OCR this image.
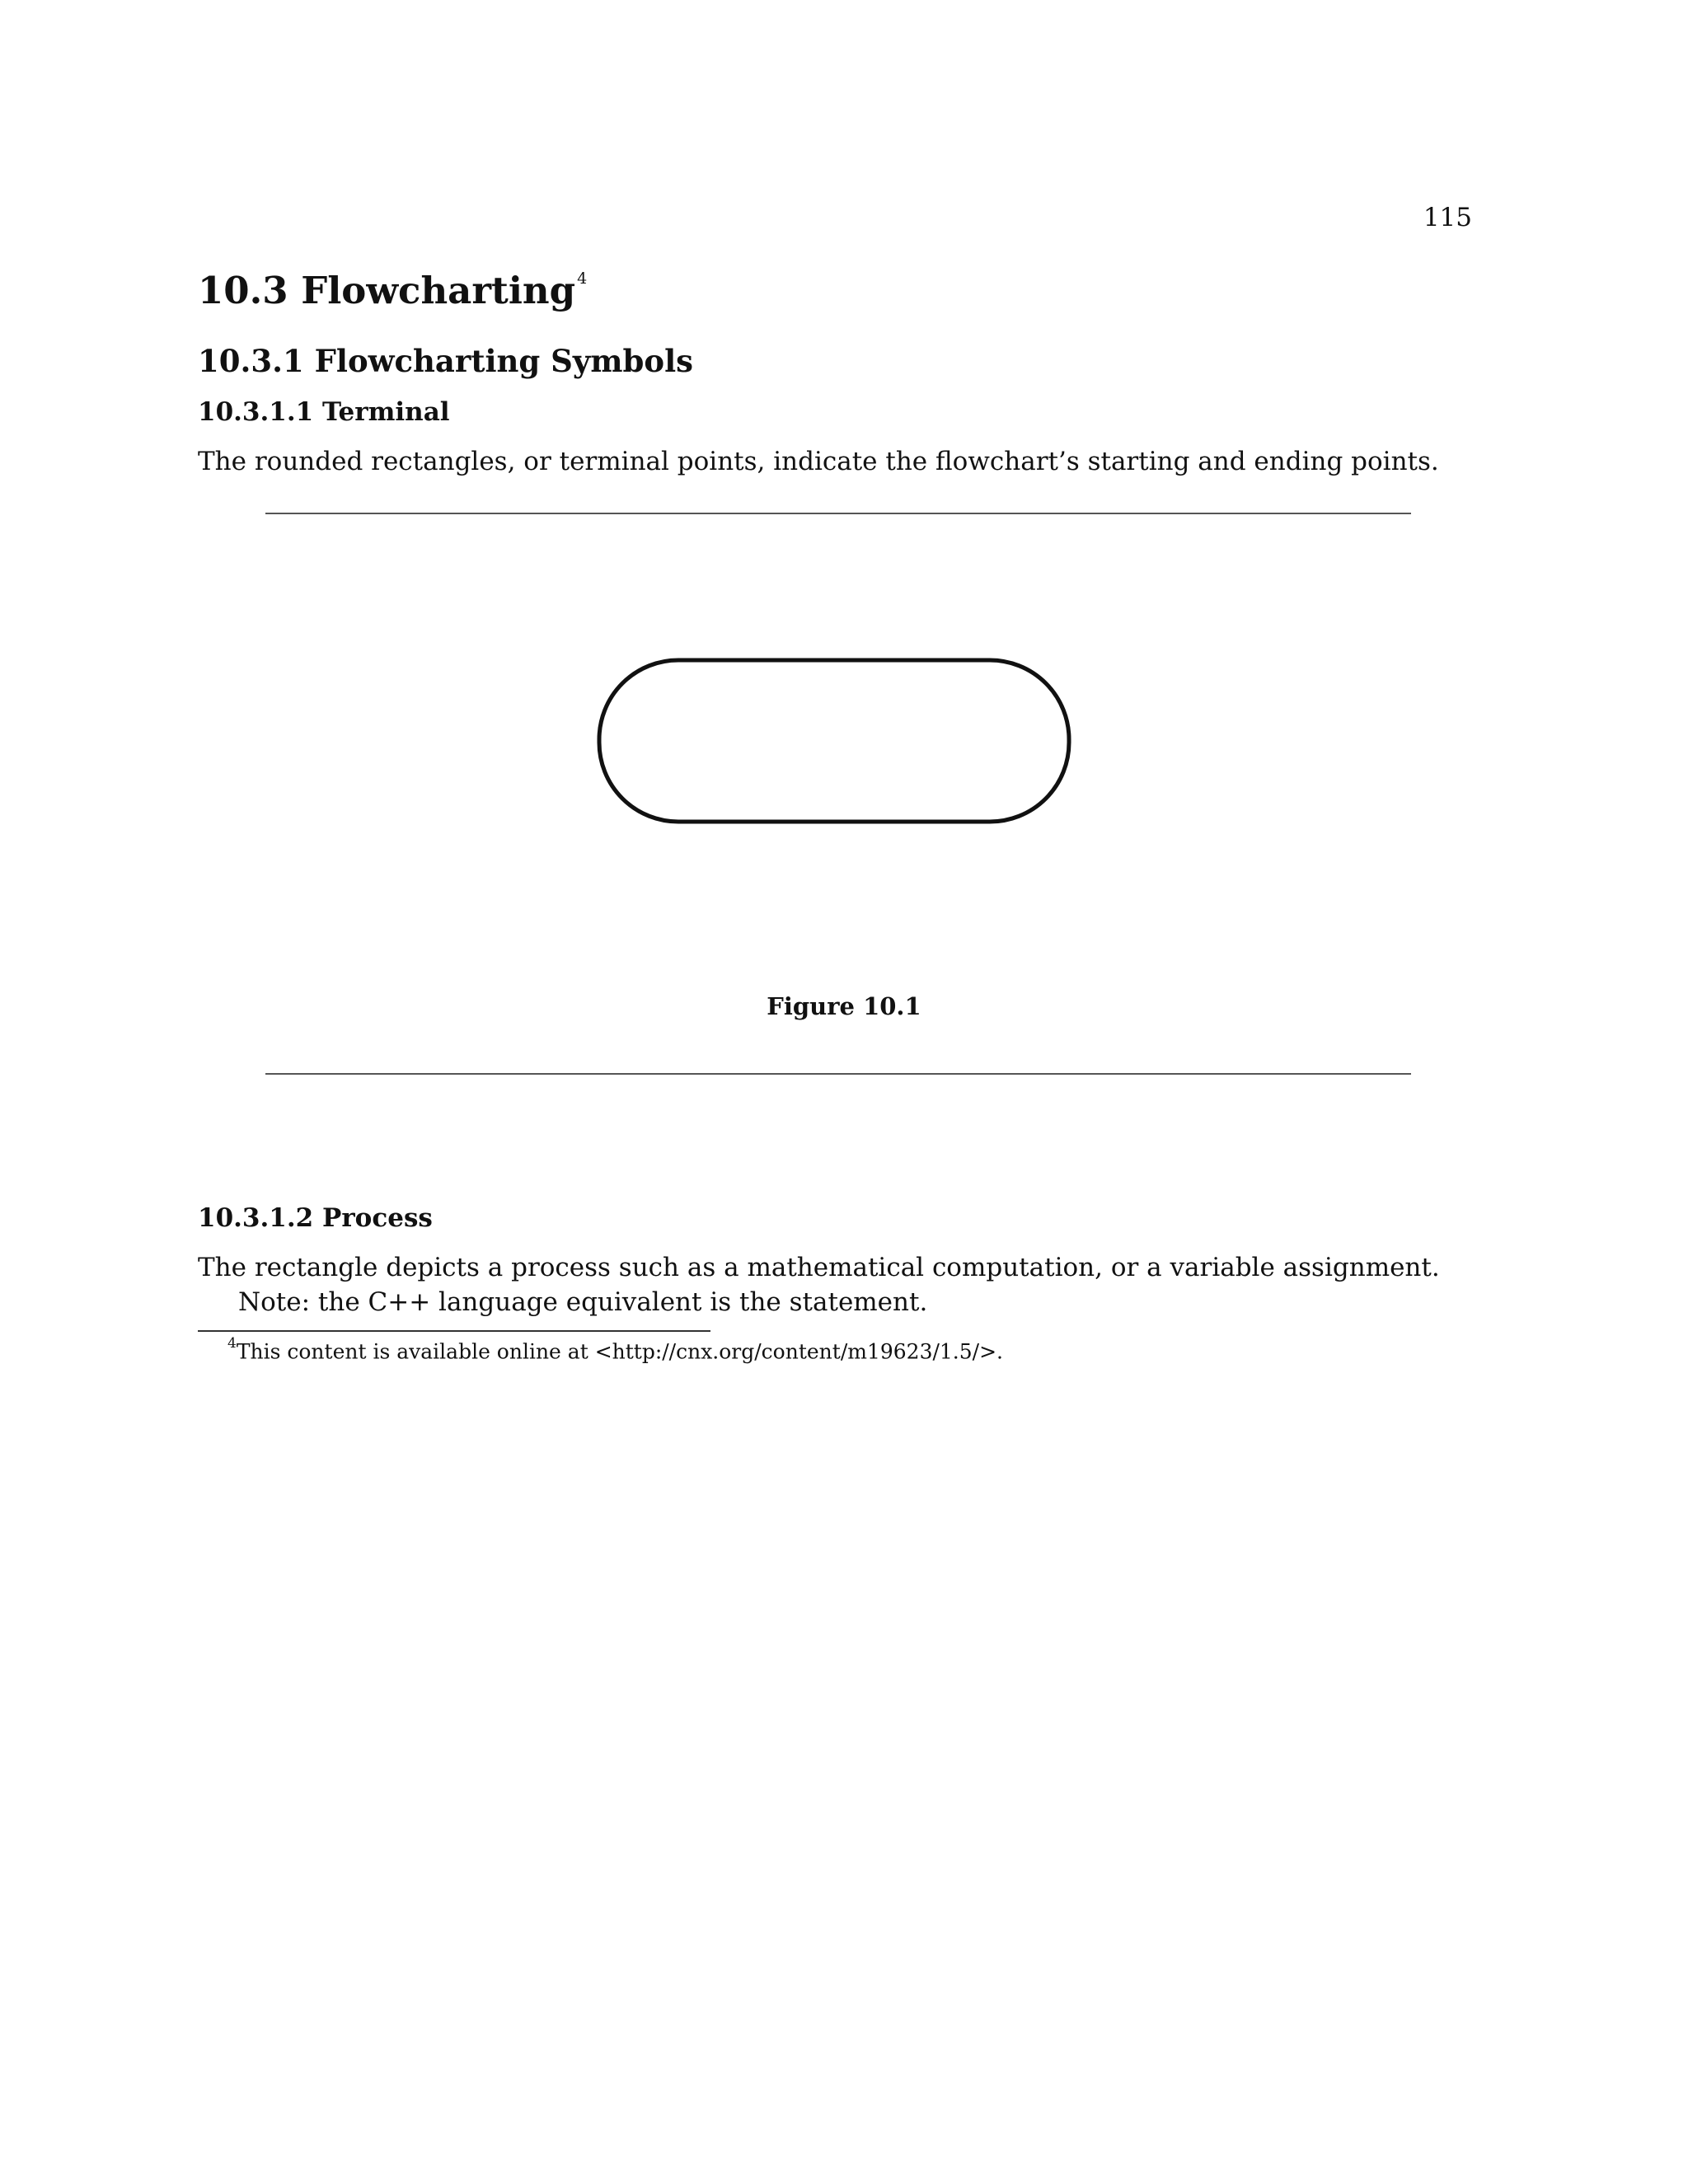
115
10.3 Flowcharting $^4$
10.3.1 Flowcharting Symbols
10.3.1.1 Terminal
The rounded rectangles, or terminal points, indicate the flowchart’s starting and ending points.
Figure 10.1
10.3.1.2 Process
The rectangle depicts a process such as a mathematical computation, or a variable assignment.
Note: the C++ language equivalent is the statement.
$^4$This content is available online at <http://cnx.org/content/m19623/1.5/>.
